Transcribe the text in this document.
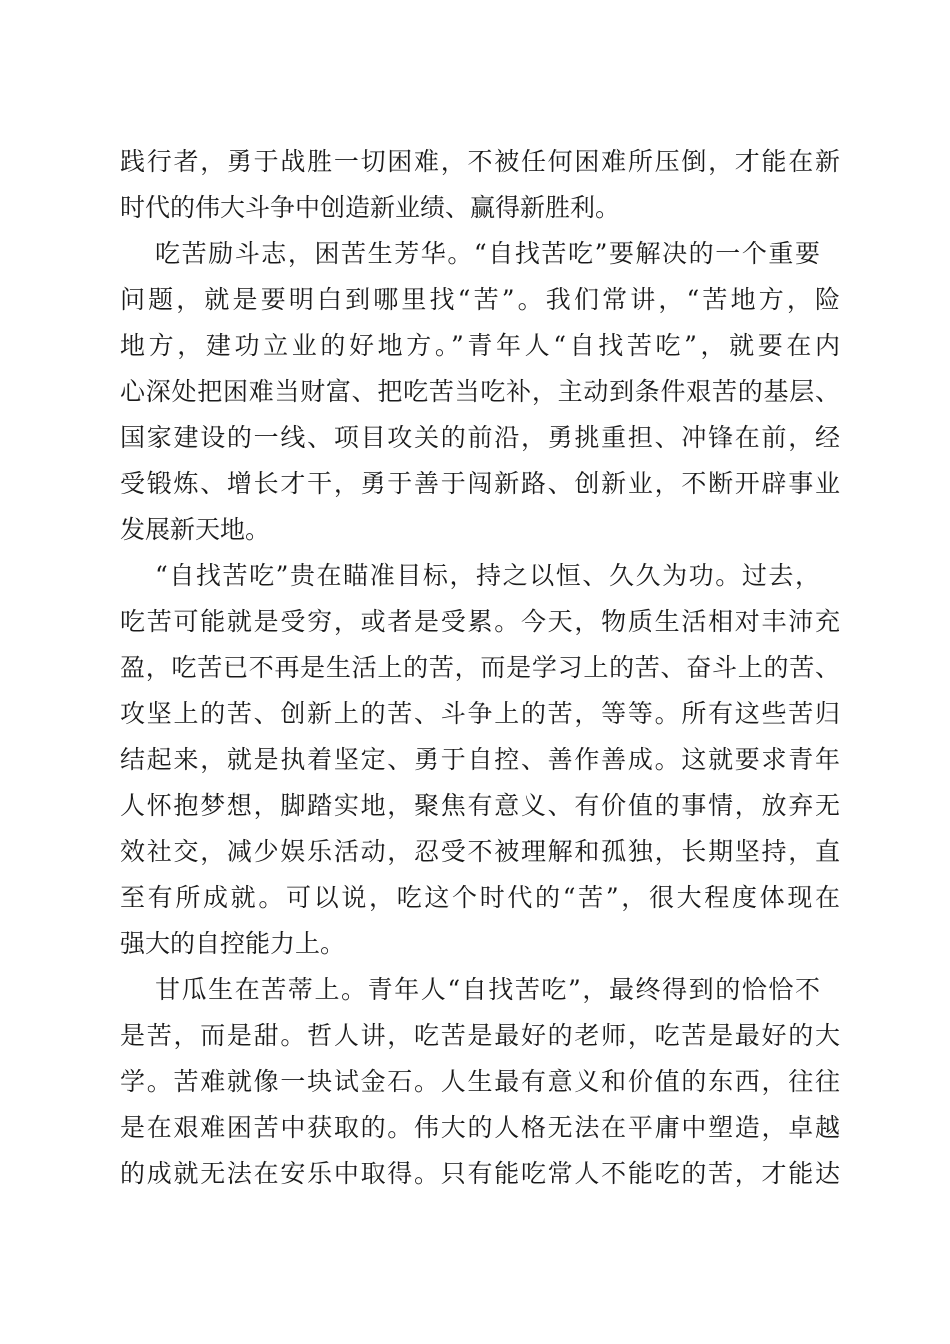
践行者，勇于战胜一切困难，不被任何困难所压倒，才能在新
时代的伟大斗争中创造新业绩、赢得新胜利。
吃苦励斗志，困苦生芳华。“自找苦吃”要解决的一个重要
问题，就是要明白到哪里找“苦”。我们常讲，“苦地方，险
地方，建功立业的好地方。”青年人“自找苦吃”，就要在内
心深处把困难当财富、把吃苦当吃补，主动到条件艰苦的基层、
国家建设的一线、项目攻关的前沿，勇挑重担、冲锋在前，经
受锻炼、增长才干，勇于善于闯新路、创新业，不断开辟事业
发展新天地。
“自找苦吃”贵在瞄准目标，持之以恒、久久为功。过去，
吃苦可能就是受穷，或者是受累。今天，物质生活相对丰沛充
盈，吃苦已不再是生活上的苦，而是学习上的苦、奋斗上的苦、
攻坚上的苦、创新上的苦、斗争上的苦，等等。所有这些苦归
结起来，就是执着坚定、勇于自控、善作善成。这就要求青年
人怀抱梦想，脚踏实地，聚焦有意义、有价值的事情，放弃无
效社交，减少娱乐活动，忍受不被理解和孤独，长期坚持，直
至有所成就。可以说，吃这个时代的“苦”，很大程度体现在
强大的自控能力上。
甘瓜生在苦蒂上。青年人“自找苦吃”，最终得到的恰恰不
是苦，而是甜。哲人讲，吃苦是最好的老师，吃苦是最好的大
学。苦难就像一块试金石。人生最有意义和价值的东西，往往
是在艰难困苦中获取的。伟大的人格无法在平庸中塑造，卓越
的成就无法在安乐中取得。只有能吃常人不能吃的苦，才能达
